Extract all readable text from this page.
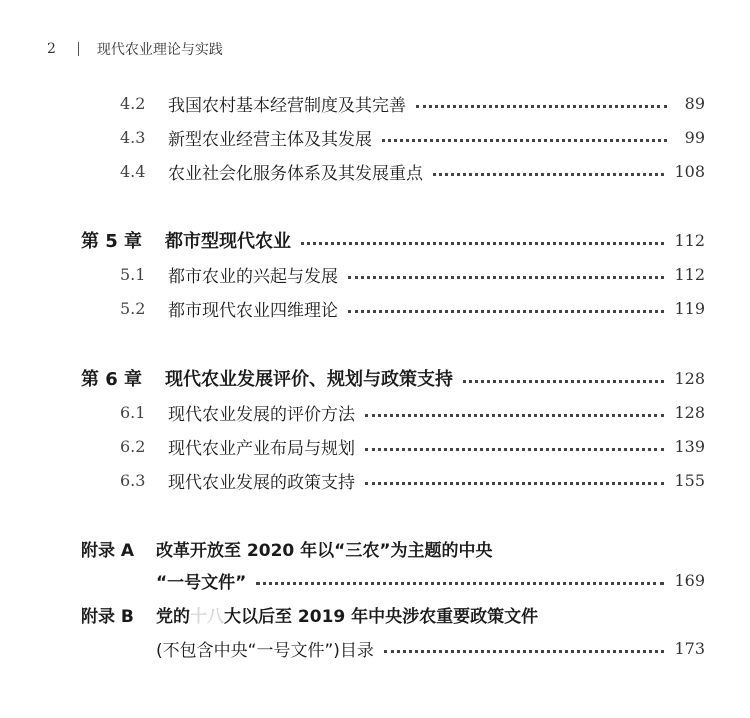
2	现代农业理论与实践
4.2	我国农村基本经营制度及其完善	89
4.3	新型农业经营主体及其发展	99
4.4	农业社会化服务体系及其发展重点	108
第 5 章	都市型现代农业	112
5.1	都市农业的兴起与发展	112
5.2	都市现代农业四维理论	119
第 6 章	现代农业发展评价、规划与政策支持	128
6.1	现代农业发展的评价方法	128
6.2	现代农业产业布局与规划	139
6.3	现代农业发展的政策支持	155
附录 A	改革开放至 2020 年以“三农”为主题的中央
“一号文件”	169
附录 B	党的十八大以后至 2019 年中央涉农重要政策文件
(不包含中央“一号文件”)目录	173
